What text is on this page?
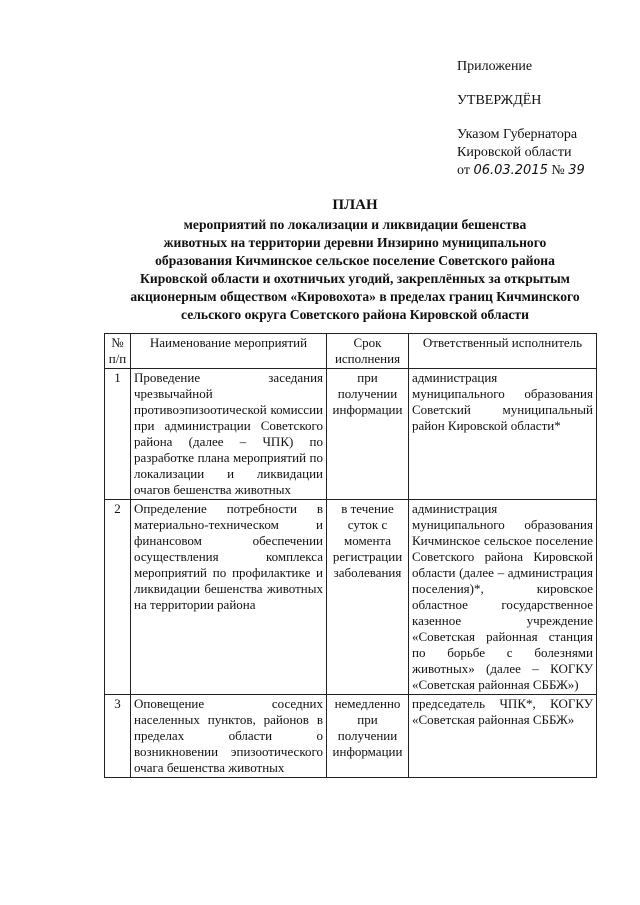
Приложение
УТВЕРЖДЁН
Указом Губернатора
Кировской области
от 06.03.2015 № 39
ПЛАН
мероприятий по локализации и ликвидации бешенства
животных на территории деревни Инзирино муниципального
образования Кичминское сельское поселение Советского района
Кировской области и охотничьих угодий, закреплённых за открытым
акционерным обществом «Кировохота» в пределах границ Кичминского
сельского округа Советского района Кировской области
№ п/п	Наименование мероприятий	Срок исполнения	Ответственный исполнитель
1	Проведение заседания чрезвычайной противоэпизоотической комиссии при администрации Советского района (далее – ЧПК) по разработке плана мероприятий по локализации и ликвидации очагов бешенства животных	при получении информации	администрация муниципального образования Советский муниципальный район Кировской области*
2	Определение потребности в материально-техническом и финансовом обеспечении осуществления комплекса мероприятий по профилактике и ликвидации бешенства животных на территории района	в течение суток с момента регистрации заболевания	администрация муниципального образования Кичминское сельское поселение Советского района Кировской области (далее – администрация поселения)*, кировское областное государственное казенное учреждение «Советская районная станция по борьбе с болезнями животных» (далее – КОГКУ «Советская районная СББЖ»)
3	Оповещение соседних населенных пунктов, районов в пределах области о возникновении эпизоотического очага бешенства животных	немедленно при получении информации	председатель ЧПК*, КОГКУ «Советская районная СББЖ»
